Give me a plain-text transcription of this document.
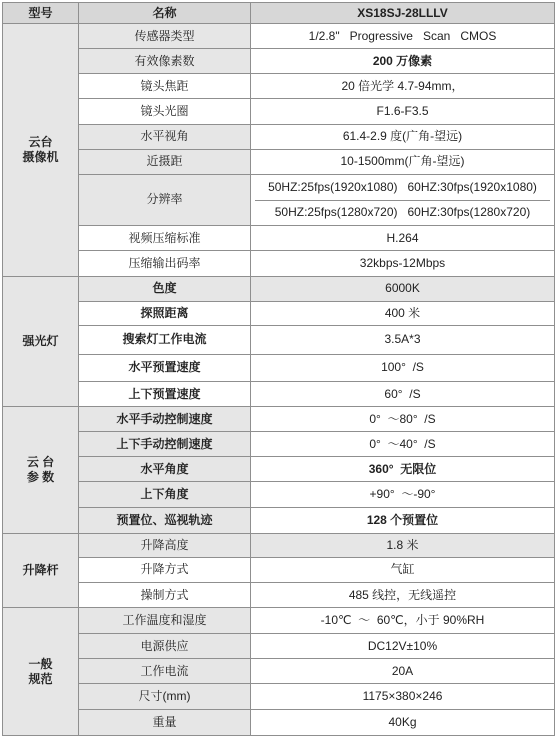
型号	名称	XS18SJ-28LLLV

云台
摄像机	传感器类型	1/2.8"   Progressive   Scan   CMOS
	有效像素数	200 万像素
	镜头焦距	20 倍光学 4.7-94mm，
	镜头光圈	F1.6-F3.5
	水平视角	61.4-2.9 度(广角-望远)
	近摄距	10-1500mm(广角-望远)
	分辨率	50HZ:25fps(1920x1080)   60HZ:30fps(1920x1080)
50HZ:25fps(1280x720)   60HZ:30fps(1280x720)

	视频压缩标准	H.264
	压缩输出码率	32kbps-12Mbps

强光灯	色度	6000K
	探照距离	400 米
	搜索灯工作电流	3.5A*3
	水平预置速度	100°  /S
	上下预置速度	60°  /S

云 台
参 数	水平手动控制速度	0°  ～80°  /S
	上下手动控制速度	0°  ～40°  /S
	水平角度	360°  无限位
	上下角度	+90°  ～-90°
	预置位、巡视轨迹	128 个预置位

升降杆	升降高度	1.8 米
	升降方式	气缸
	操制方式	485 线控，无线遥控

一般
规范	工作温度和湿度	-10℃  ～  60℃，小于 90%RH
	电源供应	DC12V±10%
	工作电流	20A
	尺寸(mm)	1175×380×246
	重量	40Kg
